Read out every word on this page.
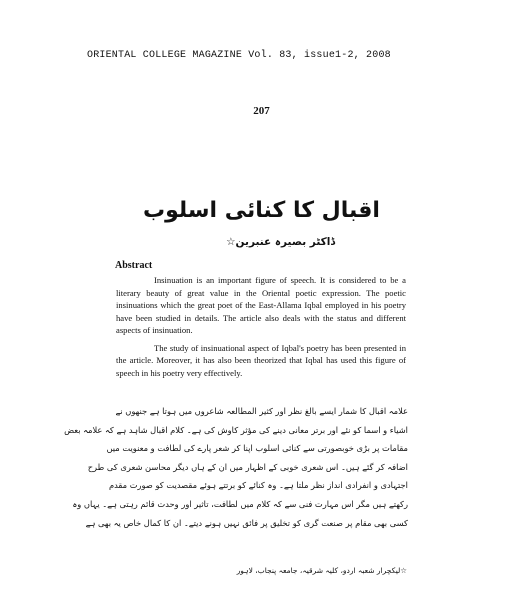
ORIENTAL COLLEGE MAGAZINE Vol. 83, issue1-2, 2008
207
اقبال کا کنائی اسلوب
ڈاکٹر بصیرہ عنبرین☆
Abstract

Insinuation is an important figure of speech. It is considered to be a literary beauty of great value in the Oriental poetic expression. The poetic insinuations which the great poet of the East-Allama Iqbal employed in his poetry have been studied in details. The article also deals with the status and different aspects of insinuation.

The study of insinuational aspect of Iqbal's poetry has been presented in the article. Moreover, it has also been theorized that Iqbal has used this figure of speech in his poetry very effectively.

علامہ اقبال کا شمار ایسے بالغ نظر اور کثیر المطالعہ شاعروں میں ہوتا ہے جنھوں نے
اشیاء و اسما کو نئے اور برتر معانی دینے کی مؤثر کاوش کی ہے۔ کلام اقبال شاہد ہے کہ علامہ بعض
مقامات پر بڑی خوبصورتی سے کنائی اسلوب اپنا کر شعر پارے کی لطافت و معنویت میں
اضافہ کر گئے ہیں۔ اس شعری خوبی کے اظہار میں ان کے ہاں دیگر محاسن شعری کی طرح
اجتہادی و انفرادی انداز نظر ملتا ہے۔ وہ کنائے کو برتتے ہوئے مقصدیت کو صورت مقدم
رکھتے ہیں مگر اس مہارت فنی سے کہ کلام میں لطافت، تاثیر اور وحدت قائم رہتی ہے۔ یہاں وہ
کسی بھی مقام پر صنعت گری کو تخلیق پر فائق نہیں ہونے دیتے۔ ان کا کمال خاص یہ بھی ہے
☆لیکچرار شعبہ اردو، کلیہ شرقیہ، جامعہ پنجاب، لاہور
